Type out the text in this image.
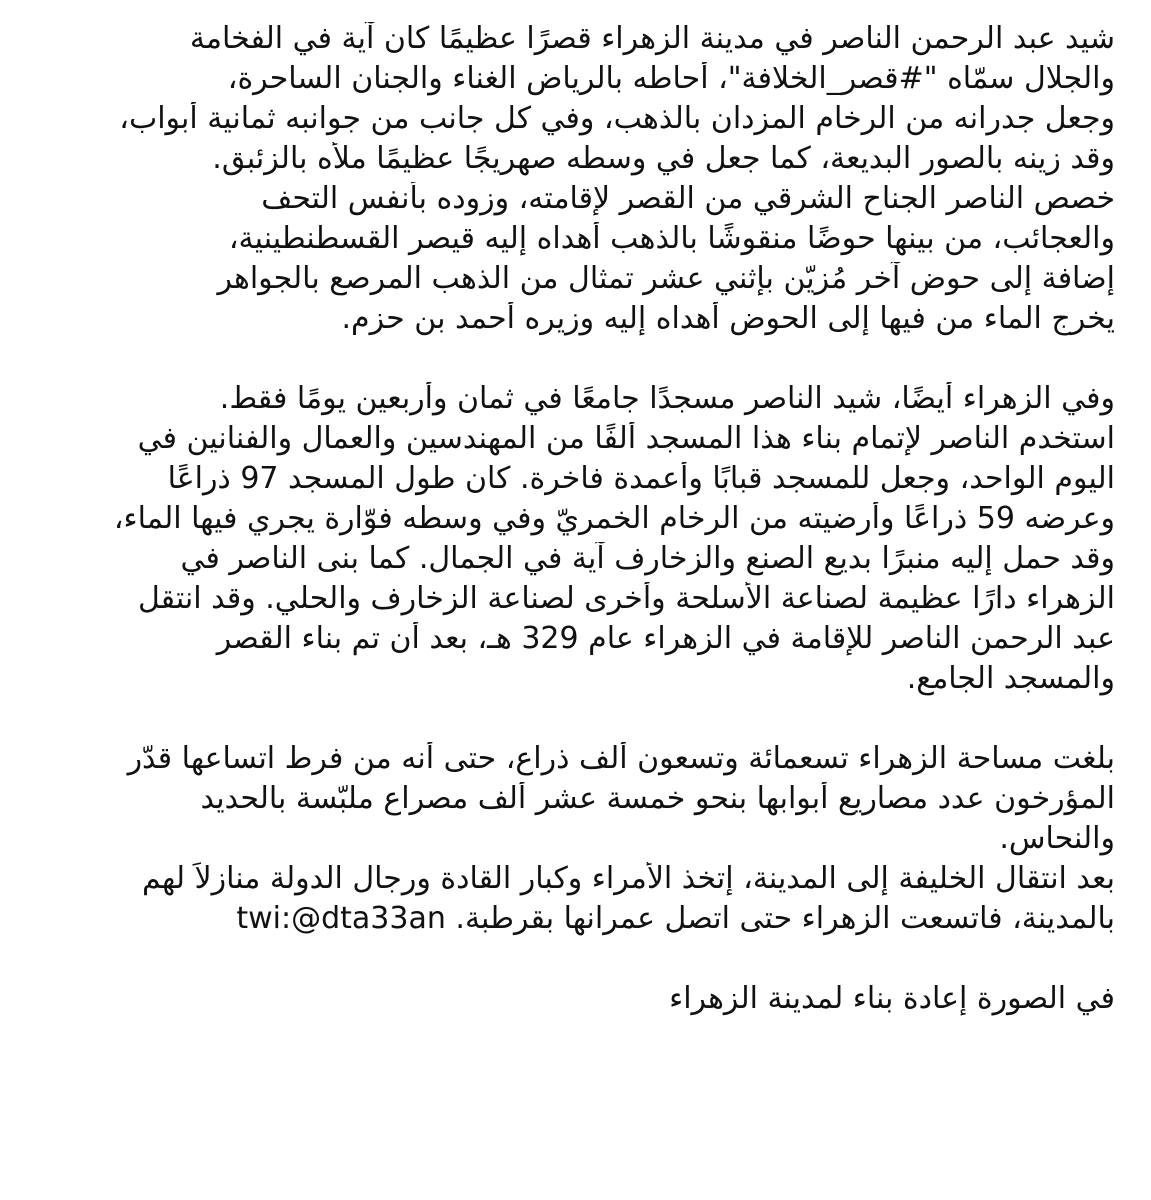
شيد عبد الرحمن الناصر في مدينة الزهراء قصرًا عظيمًا كان آية في الفخامة
والجلال سمّاه "#قصر_الخلافة"، أحاطه بالرياض الغناء والجنان الساحرة،
وجعل جدرانه من الرخام المزدان بالذهب، وفي كل جانب من جوانبه ثمانية أبواب،
وقد زينه بالصور البديعة، كما جعل في وسطه صهريجًا عظيمًا ملأه بالزئبق.
خصص الناصر الجناح الشرقي من القصر لإقامته، وزوده بأنفس التحف
والعجائب، من بينها حوضًا منقوشًا بالذهب أهداه إليه قيصر القسطنطينية،
إضافة إلى حوض آخر مُزيّن بإثني عشر تمثال من الذهب المرصع بالجواهر
يخرج الماء من فيها إلى الحوض أهداه إليه وزيره أحمد بن حزم.
وفي الزهراء أيضًا، شيد الناصر مسجدًا جامعًا في ثمان وأربعين يومًا فقط.
استخدم الناصر لإتمام بناء هذا المسجد ألفًا من المهندسين والعمال والفنانين في
اليوم الواحد، وجعل للمسجد قبابًا وأعمدة فاخرة. كان طول المسجد 97 ذراعًا
وعرضه 59 ذراعًا وأرضيته من الرخام الخمريّ وفي وسطه فوّارة يجري فيها الماء،
وقد حمل إليه منبرًا بديع الصنع والزخارف آية في الجمال. كما بنى الناصر في
الزهراء دارًا عظيمة لصناعة الأسلحة وأخرى لصناعة الزخارف والحلي. وقد انتقل
عبد الرحمن الناصر للإقامة في الزهراء عام 329 هـ، بعد أن تم بناء القصر
والمسجد الجامع.
بلغت مساحة الزهراء تسعمائة وتسعون ألف ذراع، حتى أنه من فرط اتساعها قدّر
المؤرخون عدد مصاريع أبوابها بنحو خمسة عشر ألف مصراع ملبّسة بالحديد
والنحاس.
بعد انتقال الخليفة إلى المدينة، إتخذ الأمراء وكبار القادة ورجال الدولة منازلاً لهم
بالمدينة، فاتسعت الزهراء حتى اتصل عمرانها بقرطبة. twi:@dta33an
في الصورة إعادة بناء لمدينة الزهراء
